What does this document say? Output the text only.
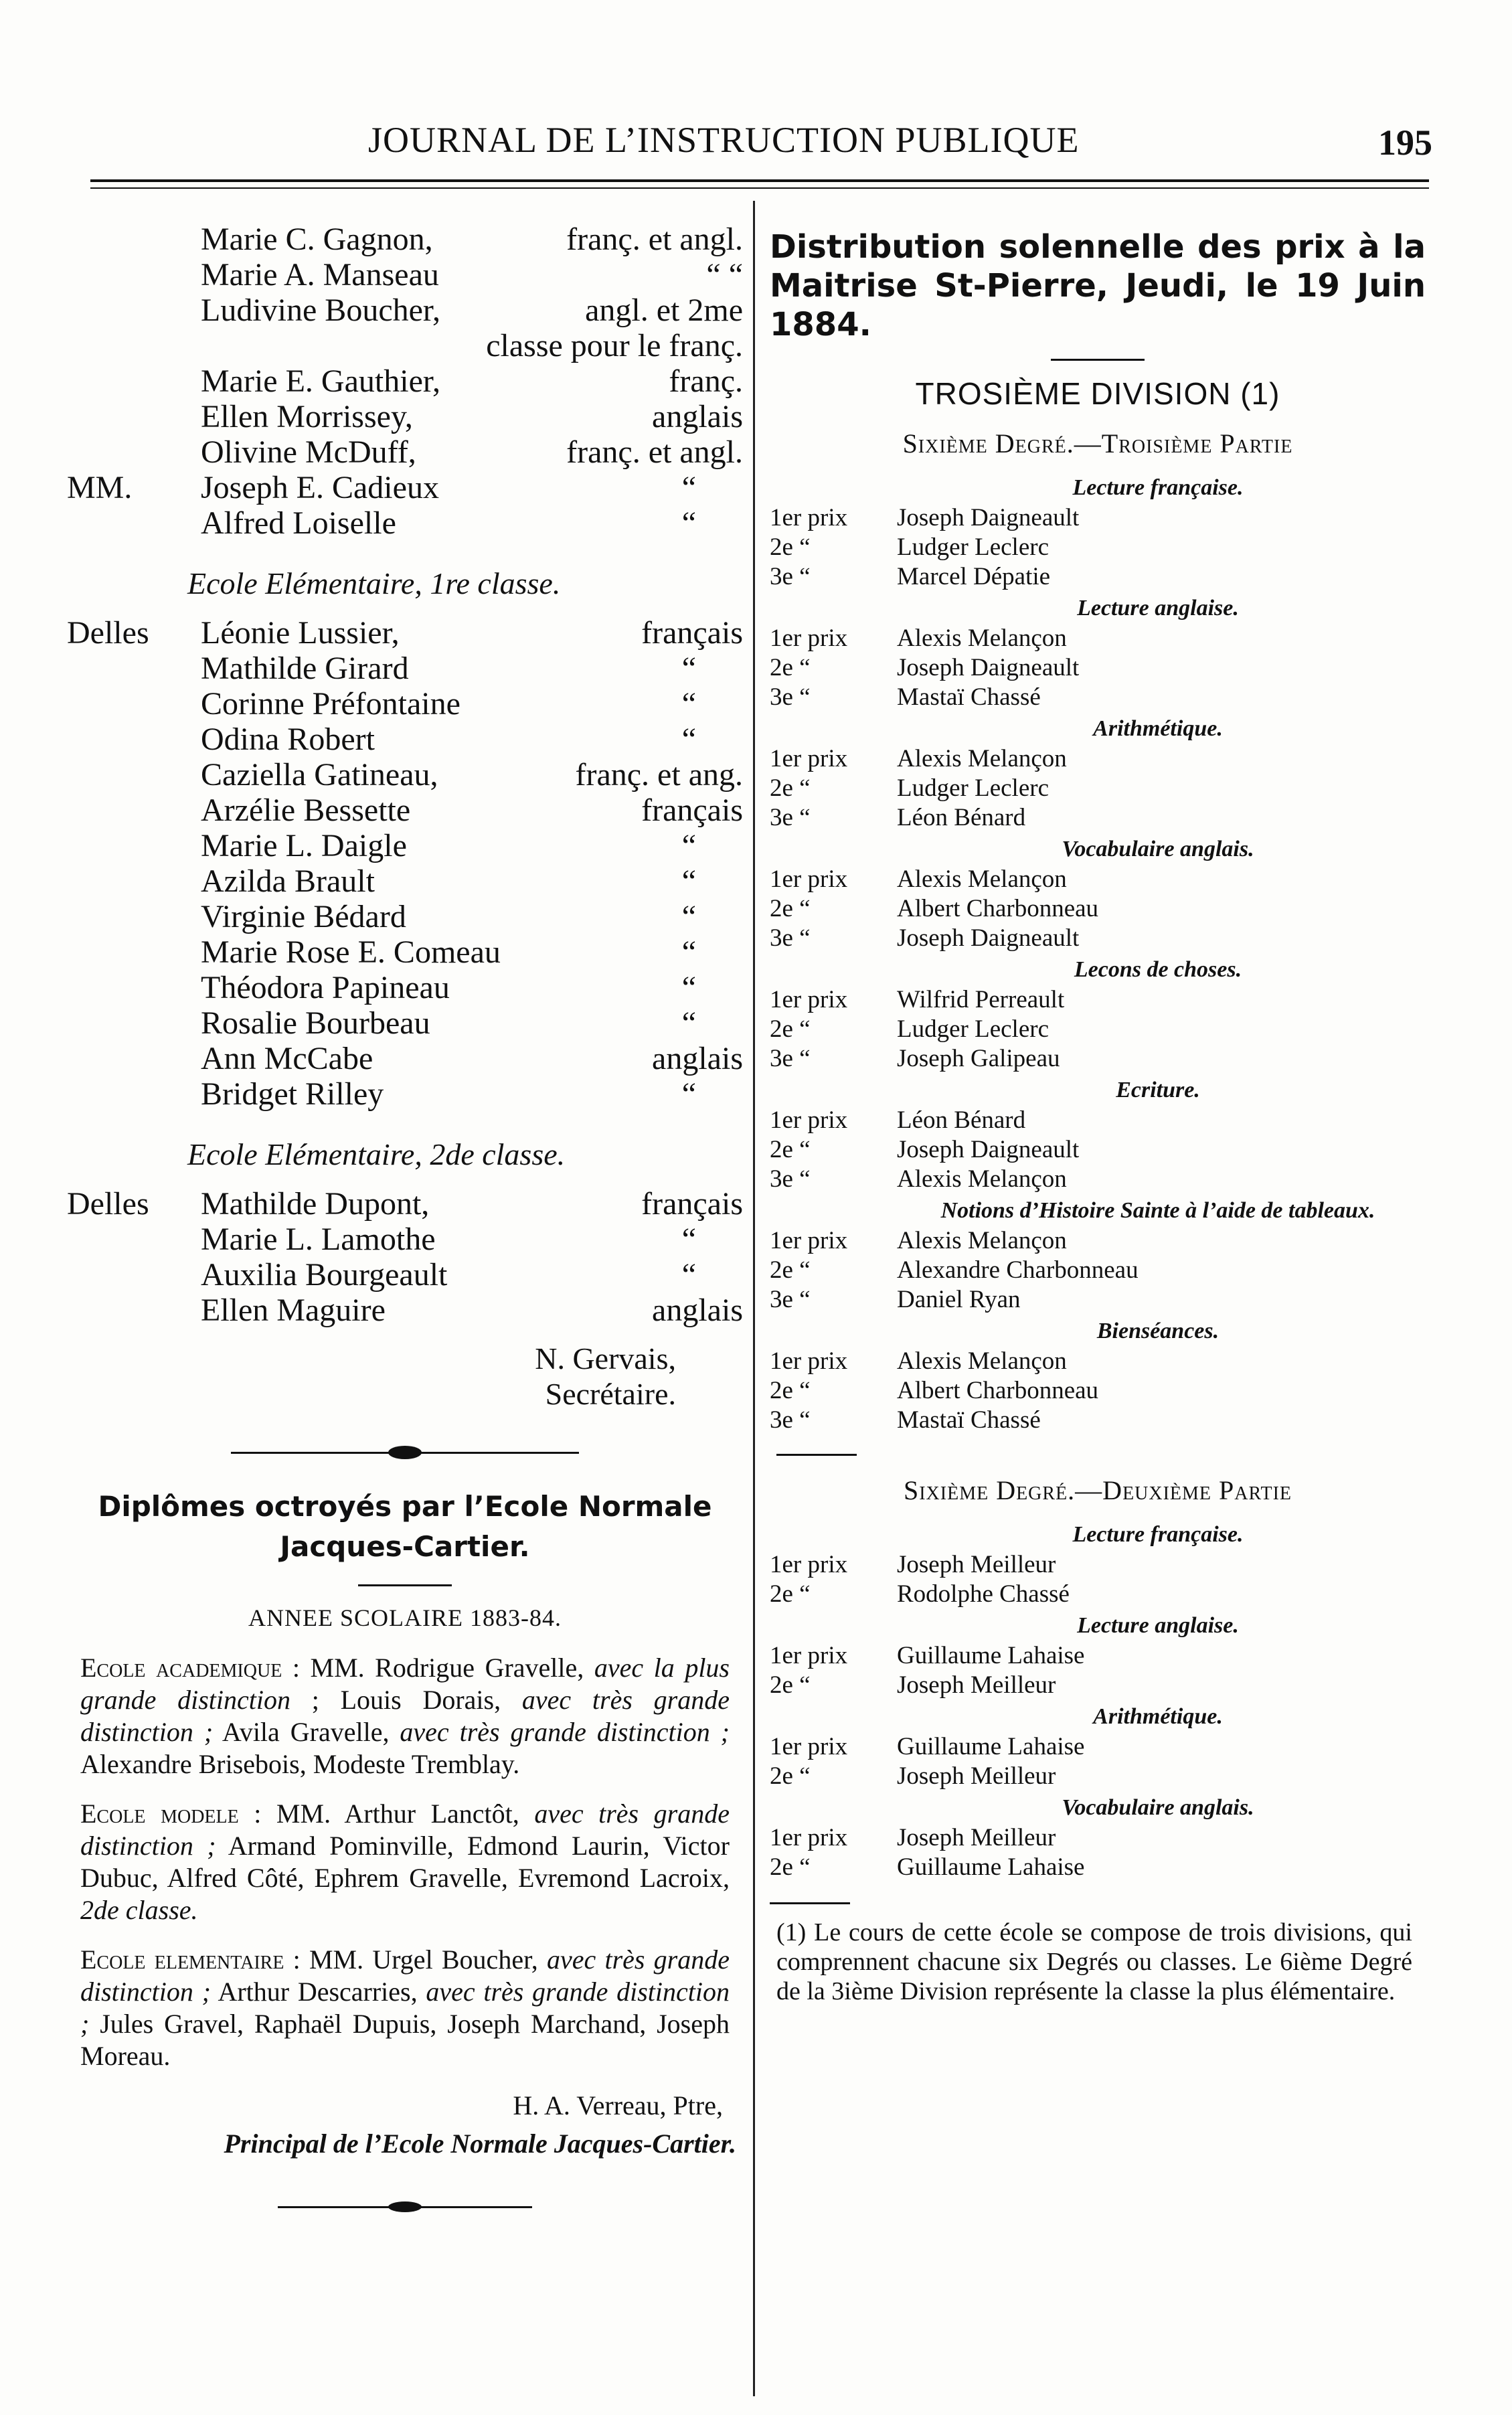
JOURNAL DE L’INSTRUCTION PUBLIQUE	195
Marie C. Gagnon,	franç. et angl.
Marie A. Manseau	“ “
Ludivine Boucher,	angl. et 2me
classe pour le franç.
Marie E. Gauthier,	franç.
Ellen Morrissey,	anglais
Olivine McDuff,	franç. et angl.
MM. Joseph E. Cadieux	“
Alfred Loiselle	“
Ecole Elémentaire, 1re classe.
Delles Léonie Lussier,	français
Mathilde Girard	“
Corinne Préfontaine	“
Odina Robert	“
Caziella Gatineau,	franç. et ang.
Arzélie Bessette	français
Marie L. Daigle	“
Azilda Brault	“
Virginie Bédard	“
Marie Rose E. Comeau	“
Théodora Papineau	“
Rosalie Bourbeau	“
Ann McCabe	anglais
Bridget Rilley	“
Ecole Elémentaire, 2de classe.
Delles Mathilde Dupont,	français
Marie L. Lamothe	“
Auxilia Bourgeault	“
Ellen Maguire	anglais
N. Gervais,
Secrétaire.
Diplômes octroyés par l’Ecole Normale
Jacques-Cartier.
ANNEE SCOLAIRE 1883-84.

Ecole academique : MM. Rodrigue Gravelle, avec la plus grande distinction ; Louis Dorais, avec très grande distinction ; Avila Gravelle, avec très grande distinction ; Alexandre Brisebois, Modeste Tremblay.

Ecole modele : MM. Arthur Lanctôt, avec très grande distinction ; Armand Pominville, Edmond Laurin, Victor Dubuc, Alfred Côté, Ephrem Gravelle, Evremond Lacroix, 2de classe.

Ecole elementaire : MM. Urgel Boucher, avec très grande distinction ; Arthur Descarries, avec très grande distinction ; Jules Gravel, Raphaël Dupuis, Joseph Marchand, Joseph Moreau.

H. A. Verreau, Ptre,
Principal de l’Ecole Normale Jacques-Cartier.
Distribution solennelle des prix à la Maitrise St-Pierre, Jeudi, le 19 Juin 1884.
TROSIÈME DIVISION (1)
Sixième Degré.—Troisième Partie
Lecture française.
1er prix Joseph Daigneault
2e “	Ludger Leclerc
3e “	Marcel Dépatie
Lecture anglaise.
1er prix Alexis Melançon
2e “	Joseph Daigneault
3e “	Mastaï Chassé
Arithmétique.
1er prix Alexis Melançon
2e “	Ludger Leclerc
3e “	Léon Bénard
Vocabulaire anglais.
1er prix Alexis Melançon
2e “	Albert Charbonneau
3e “	Joseph Daigneault
Lecons de choses.
1er prix Wilfrid Perreault
2e “	Ludger Leclerc
3e “	Joseph Galipeau
Ecriture.
1er prix Léon Bénard
2e “	Joseph Daigneault
3e “	Alexis Melançon
Notions d’Histoire Sainte à l’aide de tableaux.
1er prix Alexis Melançon
2e “	Alexandre Charbonneau
3e “	Daniel Ryan
Bienséances.
1er prix Alexis Melançon
2e “	Albert Charbonneau
3e “	Mastaï Chassé
Sixième Degré.—Deuxième Partie
Lecture française.
1er prix Joseph Meilleur
2e “	Rodolphe Chassé
Lecture anglaise.
1er prix Guillaume Lahaise
2e “	Joseph Meilleur
Arithmétique.
1er prix Guillaume Lahaise
2e “	Joseph Meilleur
Vocabulaire anglais.
1er prix Joseph Meilleur
2e “	Guillaume Lahaise

(1) Le cours de cette école se compose de trois divisions, qui comprennent chacune six Degrés ou classes. Le 6ième Degré de la 3ième Division représente la classe la plus élémentaire.
